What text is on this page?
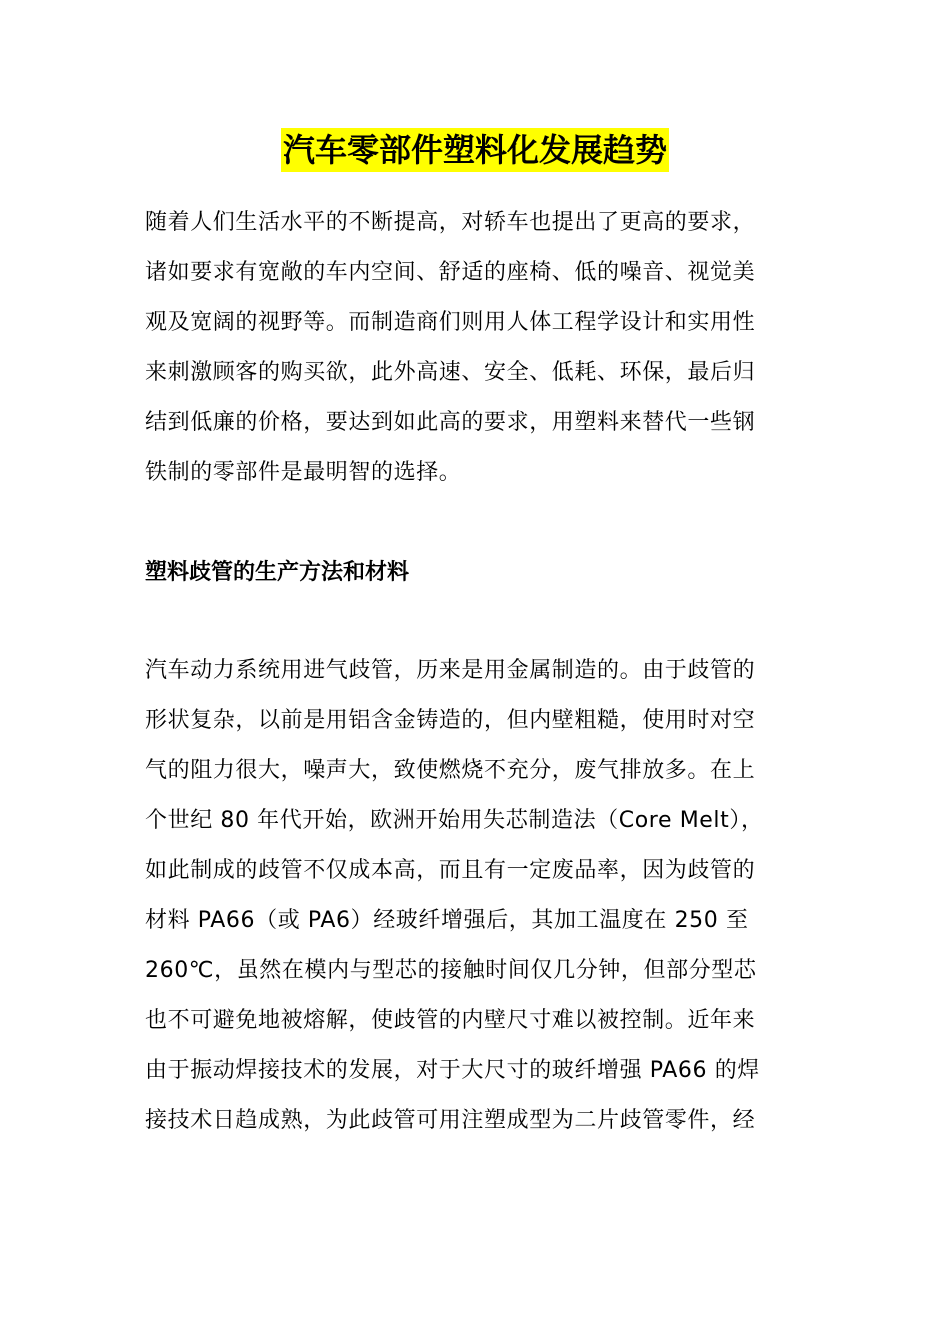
汽车零部件塑料化发展趋势
随着人们生活水平的不断提高，对轿车也提出了更高的要求，
诸如要求有宽敞的车内空间、舒适的座椅、低的噪音、视觉美
观及宽阔的视野等。而制造商们则用人体工程学设计和实用性
来刺激顾客的购买欲，此外高速、安全、低耗、环保，最后归
结到低廉的价格，要达到如此高的要求，用塑料来替代一些钢
铁制的零部件是最明智的选择。
塑料歧管的生产方法和材料
汽车动力系统用进气歧管，历来是用金属制造的。由于歧管的
形状复杂，以前是用铝含金铸造的，但内壁粗糙，使用时对空
气的阻力很大，噪声大，致使燃烧不充分，废气排放多。在上
个世纪 80 年代开始，欧洲开始用失芯制造法（Core Melt），
如此制成的歧管不仅成本高，而且有一定废品率，因为歧管的
材料 PA66（或 PA6）经玻纤增强后，其加工温度在 250 至
260℃，虽然在模内与型芯的接触时间仅几分钟，但部分型芯
也不可避免地被熔解，使歧管的内壁尺寸难以被控制。近年来
由于振动焊接技术的发展，对于大尺寸的玻纤增强 PA66 的焊
接技术日趋成熟，为此歧管可用注塑成型为二片歧管零件，经
